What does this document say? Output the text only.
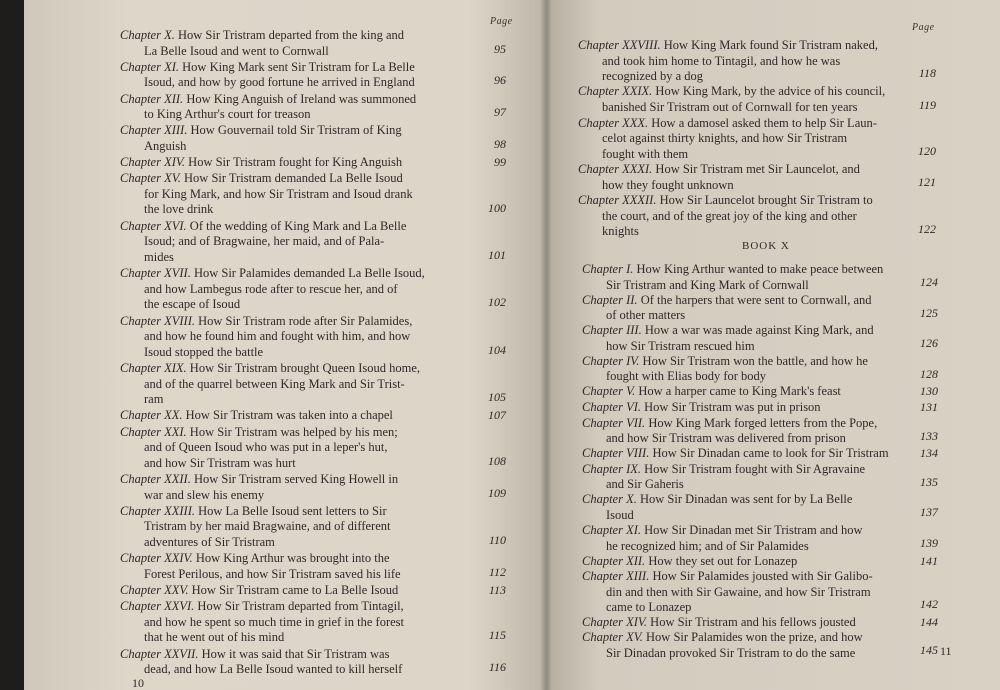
Page
Chapter X. How Sir Tristram departed from the king and
La Belle Isoud and went to Cornwall	95
Chapter XI. How King Mark sent Sir Tristram for La Belle
Isoud, and how by good fortune he arrived in England	96
Chapter XII. How King Anguish of Ireland was summoned
to King Arthur's court for treason	97
Chapter XIII. How Gouvernail told Sir Tristram of King
Anguish	98
Chapter XIV. How Sir Tristram fought for King Anguish	99
Chapter XV. How Sir Tristram demanded La Belle Isoud
for King Mark, and how Sir Tristram and Isoud drank
the love drink	100
Chapter XVI. Of the wedding of King Mark and La Belle
Isoud; and of Bragwaine, her maid, and of Pala-
mides	101
Chapter XVII. How Sir Palamides demanded La Belle Isoud,
and how Lambegus rode after to rescue her, and of
the escape of Isoud	102
Chapter XVIII. How Sir Tristram rode after Sir Palamides,
and how he found him and fought with him, and how
Isoud stopped the battle	104
Chapter XIX. How Sir Tristram brought Queen Isoud home,
and of the quarrel between King Mark and Sir Trist-
ram	105
Chapter XX. How Sir Tristram was taken into a chapel	107
Chapter XXI. How Sir Tristram was helped by his men;
and of Queen Isoud who was put in a leper's hut,
and how Sir Tristram was hurt	108
Chapter XXII. How Sir Tristram served King Howell in
war and slew his enemy	109
Chapter XXIII. How La Belle Isoud sent letters to Sir
Tristram by her maid Bragwaine, and of different
adventures of Sir Tristram	110
Chapter XXIV. How King Arthur was brought into the
Forest Perilous, and how Sir Tristram saved his life	112
Chapter XXV. How Sir Tristram came to La Belle Isoud	113
Chapter XXVI. How Sir Tristram departed from Tintagil,
and how he spent so much time in grief in the forest
that he went out of his mind	115
Chapter XXVII. How it was said that Sir Tristram was
dead, and how La Belle Isoud wanted to kill herself	116
10
Page
Chapter XXVIII. How King Mark found Sir Tristram naked,
and took him home to Tintagil, and how he was
recognized by a dog	118
Chapter XXIX. How King Mark, by the advice of his council,
banished Sir Tristram out of Cornwall for ten years	119
Chapter XXX. How a damosel asked them to help Sir Laun-
celot against thirty knights, and how Sir Tristram
fought with them	120
Chapter XXXI. How Sir Tristram met Sir Launcelot, and
how they fought unknown	121
Chapter XXXII. How Sir Launcelot brought Sir Tristram to
the court, and of the great joy of the king and other
knights	122
BOOK X
Chapter I. How King Arthur wanted to make peace between
Sir Tristram and King Mark of Cornwall	124
Chapter II. Of the harpers that were sent to Cornwall, and
of other matters	125
Chapter III. How a war was made against King Mark, and
how Sir Tristram rescued him	126
Chapter IV. How Sir Tristram won the battle, and how he
fought with Elias body for body	128
Chapter V. How a harper came to King Mark's feast	130
Chapter VI. How Sir Tristram was put in prison	131
Chapter VII. How King Mark forged letters from the Pope,
and how Sir Tristram was delivered from prison	133
Chapter VIII. How Sir Dinadan came to look for Sir Tristram	134
Chapter IX. How Sir Tristram fought with Sir Agravaine
and Sir Gaheris	135
Chapter X. How Sir Dinadan was sent for by La Belle
Isoud	137
Chapter XI. How Sir Dinadan met Sir Tristram and how
he recognized him; and of Sir Palamides	139
Chapter XII. How they set out for Lonazep	141
Chapter XIII. How Sir Palamides jousted with Sir Galibo-
din and then with Sir Gawaine, and how Sir Tristram
came to Lonazep	142
Chapter XIV. How Sir Tristram and his fellows jousted	144
Chapter XV. How Sir Palamides won the prize, and how
Sir Dinadan provoked Sir Tristram to do the same	145 11
